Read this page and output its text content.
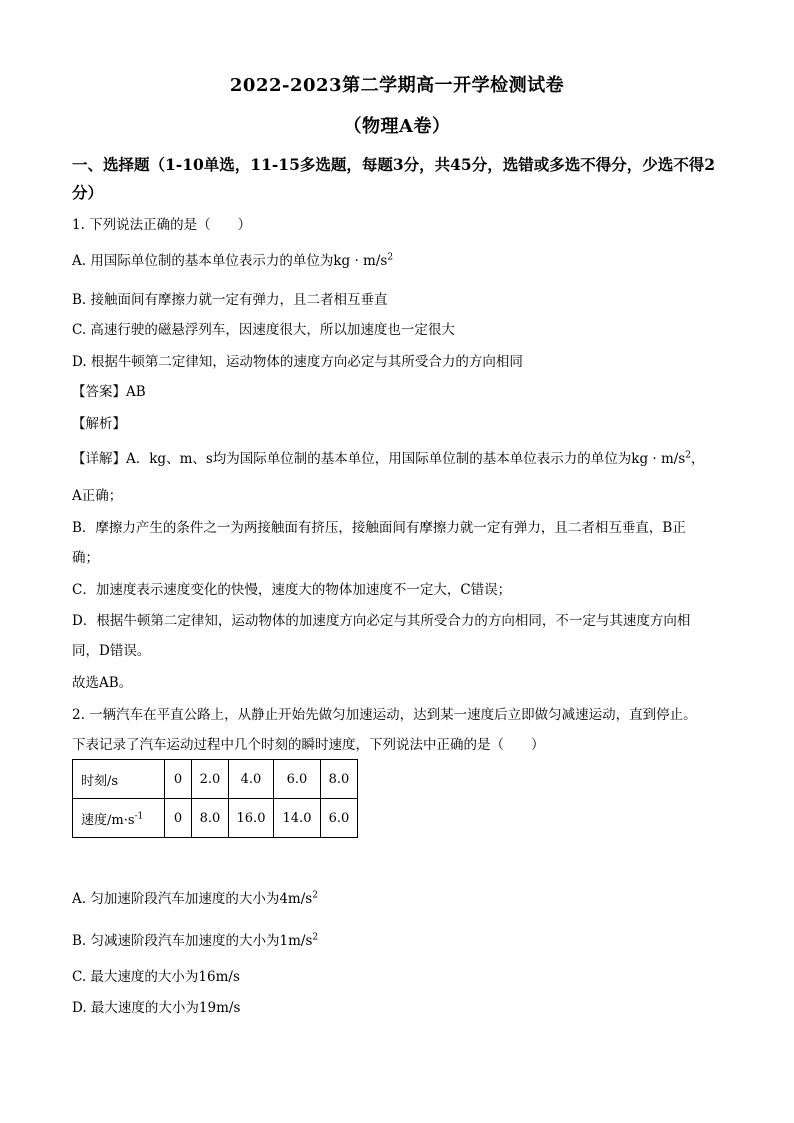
2022-2023第二学期高一开学检测试卷
（物理A卷）
一、选择题（1-10单选，11-15多选题，每题3分，共45分，选错或多选不得分，少选不得2
分）
1. 下列说法正确的是（　　）
A. 用国际单位制的基本单位表示力的单位为kg · $m/s^2$
B. 接触面间有摩擦力就一定有弹力，且二者相互垂直
C. 高速行驶的磁悬浮列车，因速度很大，所以加速度也一定很大
D. 根据牛顿第二定律知，运动物体的速度方向必定与其所受合力的方向相同
【答案】AB
【解析】
【详解】A．kg、m、s均为国际单位制的基本单位，用国际单位制的基本单位表示力的单位为kg · $m/s^2$，
A正确；
B．摩擦力产生的条件之一为两接触面有挤压，接触面间有摩擦力就一定有弹力，且二者相互垂直，B正
确；
C．加速度表示速度变化的快慢，速度大的物体加速度不一定大，C错误；
D．根据牛顿第二定律知，运动物体的加速度方向必定与其所受合力的方向相同，不一定与其速度方向相
同，D错误。
故选AB。
2. 一辆汽车在平直公路上，从静止开始先做匀加速运动，达到某一速度后立即做匀减速运动，直到停止。
下表记录了汽车运动过程中几个时刻的瞬时速度，下列说法中正确的是（　　）
时刻/s	0	2.0	4.0	6.0	8.0
速度$/m\cdot s^{-1}$	0	8.0	16.0	14.0	6.0
A. 匀加速阶段汽车加速度的大小为$4m/s^2$
B. 匀减速阶段汽车加速度的大小为$1m/s^2$
C. 最大速度的大小为16m/s
D. 最大速度的大小为19m/s
